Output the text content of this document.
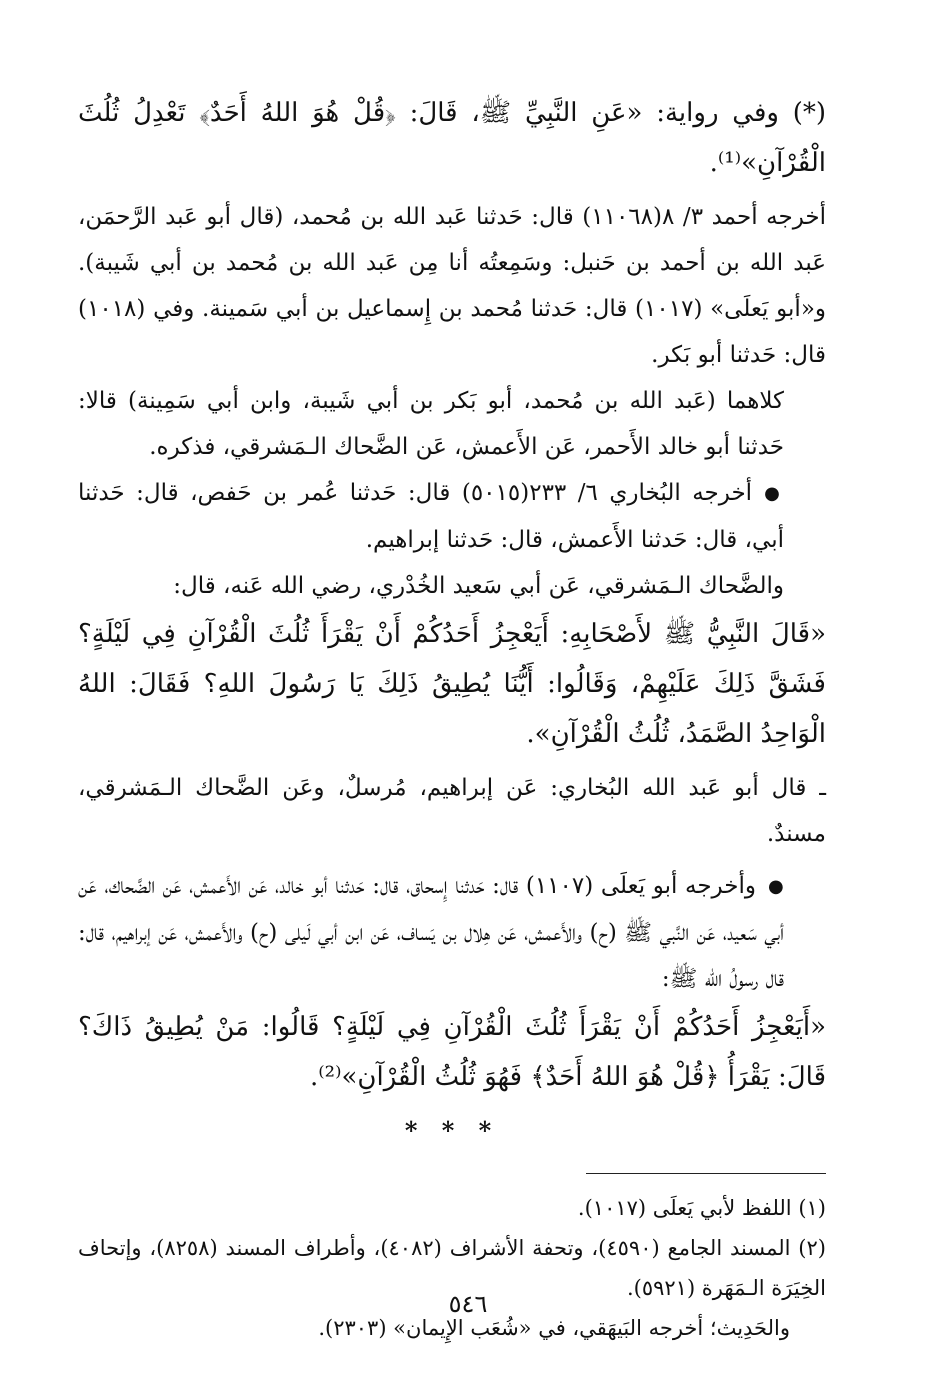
(*) وفي رواية: «عَنِ النَّبِيِّ ﷺ، قَالَ: ﴿قُلْ هُوَ اللهُ أَحَدٌ﴾ تَعْدِلُ ثُلُثَ الْقُرْآنِ»⁽¹⁾.

أخرجه أحمد ٣/ ٨(١١٠٦٨) قال: حَدثنا عَبد الله بن مُحمد، (قال أبو عَبد الرَّحمَن، عَبد الله بن أحمد بن حَنبل: وسَمِعتُه أنا مِن عَبد الله بن مُحمد بن أبي شَيبة). و«أبو يَعلَى» (١٠١٧) قال: حَدثنا مُحمد بن إِسماعيل بن أبي سَمينة. وفي (١٠١٨) قال: حَدثنا أبو بَكر.

كلاهما (عَبد الله بن مُحمد، أبو بَكر بن أبي شَيبة، وابن أبي سَمِينة) قالا: حَدثنا أبو خالد الأَحمر، عَن الأَعمش، عَن الضَّحاك الـمَشرقي، فذكره.

● أخرجه البُخاري ٦/ ٢٣٣(٥٠١٥) قال: حَدثنا عُمر بن حَفص، قال: حَدثنا أبي، قال: حَدثنا الأَعمش، قال: حَدثنا إبراهيم.

والضَّحاك الـمَشرقي، عَن أبي سَعيد الخُدْري، رضي الله عَنه، قال:

«قَالَ النَّبِيُّ ﷺ لأَصْحَابِهِ: أَيَعْجِزُ أَحَدُكُمْ أَنْ يَقْرَأَ ثُلُثَ الْقُرْآنِ فِي لَيْلَةٍ؟ فَشَقَّ ذَلِكَ عَلَيْهِمْ، وَقَالُوا: أَيُّنَا يُطِيقُ ذَلِكَ يَا رَسُولَ اللهِ؟ فَقَالَ: اللهُ الْوَاحِدُ الصَّمَدُ، ثُلُثُ الْقُرْآنِ».

ـ قال أبو عَبد الله البُخاري: عَن إبراهيم، مُرسلٌ، وعَن الضَّحاك الـمَشرقي، مسندٌ.

● وأخرجه أبو يَعلَى (١١٠٧) قال: حَدثنا إِسحاق، قال: حَدثنا أبو خالد، عَن الأَعمش، عَن الضَّحاك، عَن أبي سَعيد، عَن النَّبي ﷺ (ح) والأَعمش، عَن هِلال بن يَساف، عَن ابن أبي لَيلى (ح) والأَعمش، عَن إبراهيم، قال: قال رسولُ الله ﷺ:

«أَيَعْجِزُ أَحَدُكُمْ أَنْ يَقْرَأَ ثُلُثَ الْقُرْآنِ فِي لَيْلَةٍ؟ قَالُوا: مَنْ يُطِيقُ ذَاكَ؟ قَالَ: يَقْرَأُ ﴿قُلْ هُوَ اللهُ أَحَدٌ﴾ فَهُوَ ثُلُثُ الْقُرْآنِ»⁽²⁾.

* * *

(١) اللفظ لأبي يَعلَى (١٠١٧).

(٢) المسند الجامع (٤٥٩٠)، وتحفة الأشراف (٤٠٨٢)، وأطراف المسند (٨٢٥٨)، وإتحاف الخِيَرَة الـمَهَرة (٥٩٢١).

والحَدِيث؛ أخرجه البَيهَقي، في «شُعَب الإِيمان» (٢٣٠٣).

٥٤٦
